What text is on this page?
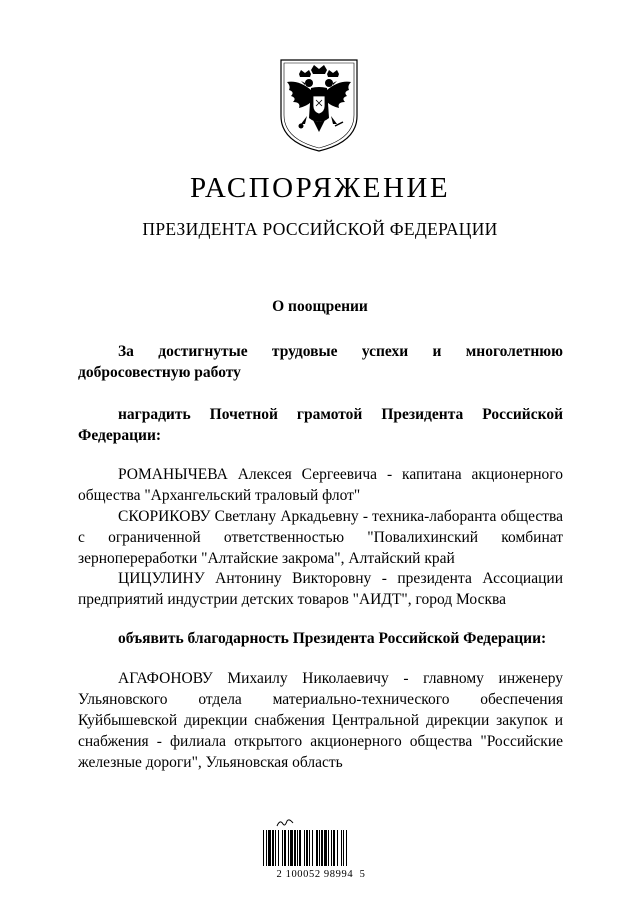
РАСПОРЯЖЕНИЕ
ПРЕЗИДЕНТА РОССИЙСКОЙ ФЕДЕРАЦИИ
О поощрении
За достигнутые трудовые успехи и многолетнюю
добросовестную работу
наградить Почетной грамотой Президента Российской
Федерации:
РОМАНЫЧЕВА Алексея Сергеевича - капитана акционерного общества "Архангельский траловый флот"
СКОРИКОВУ Светлану Аркадьевну - техника-лаборанта общества с ограниченной ответственностью "Повалихинский комбинат зернопереработки "Алтайские закрома", Алтайский край
ЦИЦУЛИНУ Антонину Викторовну - президента Ассоциации предприятий индустрии детских товаров "АИДТ", город Москва
объявить благодарность Президента Российской Федерации:
АГАФОНОВУ Михаилу Николаевичу - главному инженеру Ульяновского отдела материально-технического обеспечения Куйбышевской дирекции снабжения Центральной дирекции закупок и снабжения - филиала открытого акционерного общества "Российские железные дороги", Ульяновская область
2 100052 98994  5
